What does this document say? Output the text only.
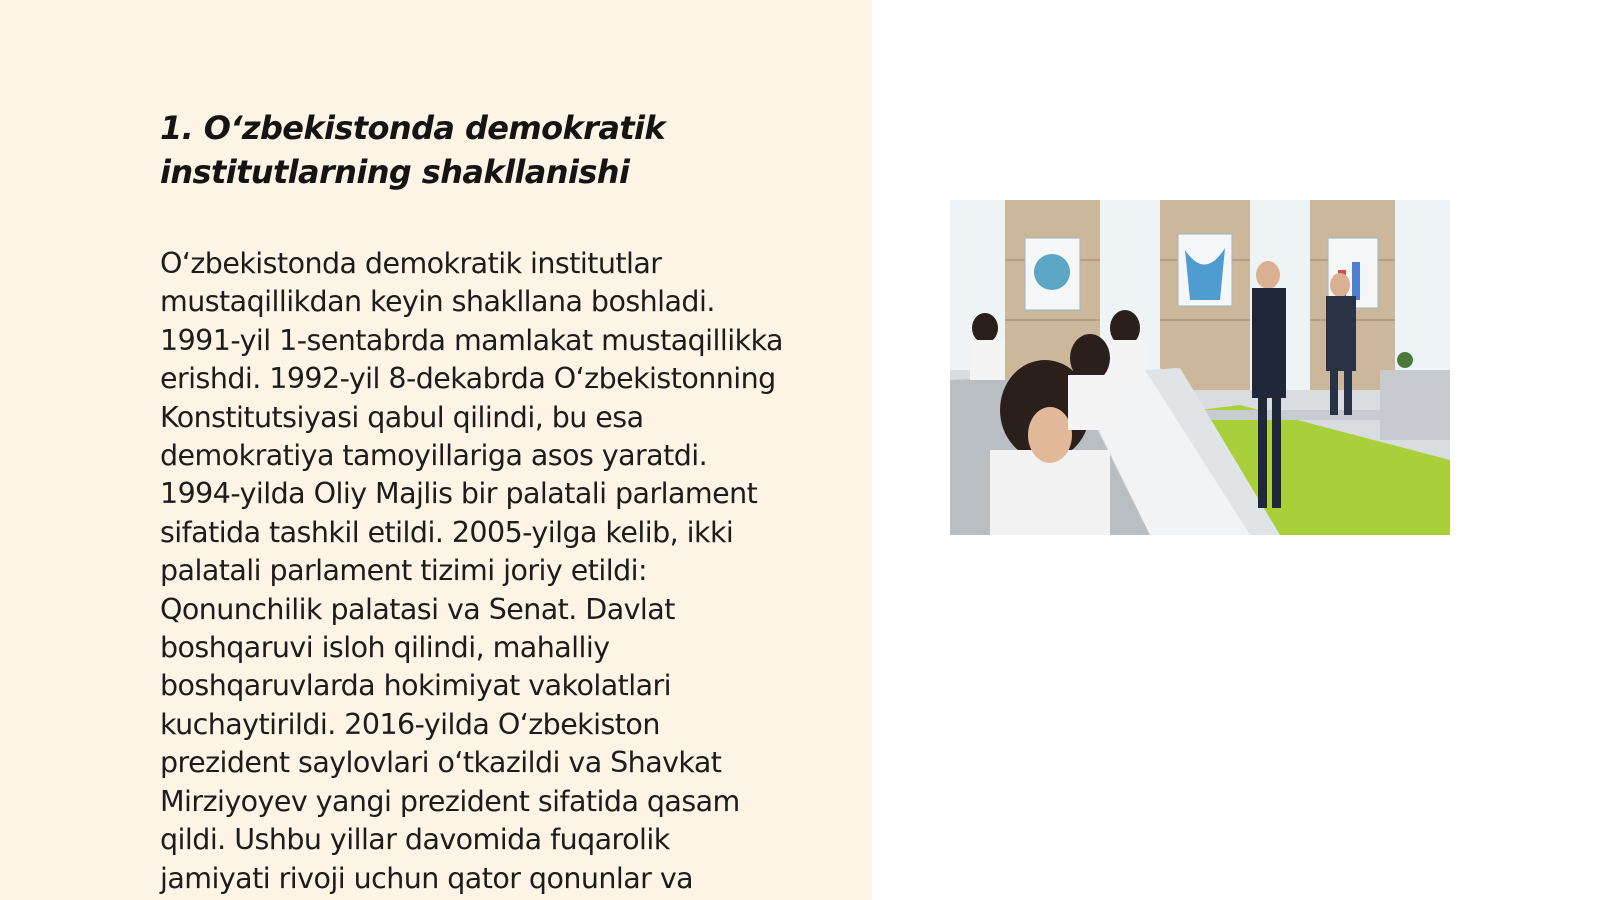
1. O‘zbekistonda demokratik institutlarning shakllanishi

O‘zbekistonda demokratik institutlar
mustaqillikdan keyin shakllana boshladi.
1991-yil 1-sentabrda mamlakat mustaqillikka
erishdi. 1992-yil 8-dekabrda O‘zbekistonning
Konstitutsiyasi qabul qilindi, bu esa
demokratiya tamoyillariga asos yaratdi.
1994-yilda Oliy Majlis bir palatali parlament
sifatida tashkil etildi. 2005-yilga kelib, ikki
palatali parlament tizimi joriy etildi:
Qonunchilik palatasi va Senat. Davlat
boshqaruvi isloh qilindi, mahalliy
boshqaruvlarda hokimiyat vakolatlari
kuchaytirildi. 2016-yilda O‘zbekiston
prezident saylovlari o‘tkazildi va Shavkat
Mirziyoyev yangi prezident sifatida qasam
qildi. Ushbu yillar davomida fuqarolik
jamiyati rivoji uchun qator qonunlar va
